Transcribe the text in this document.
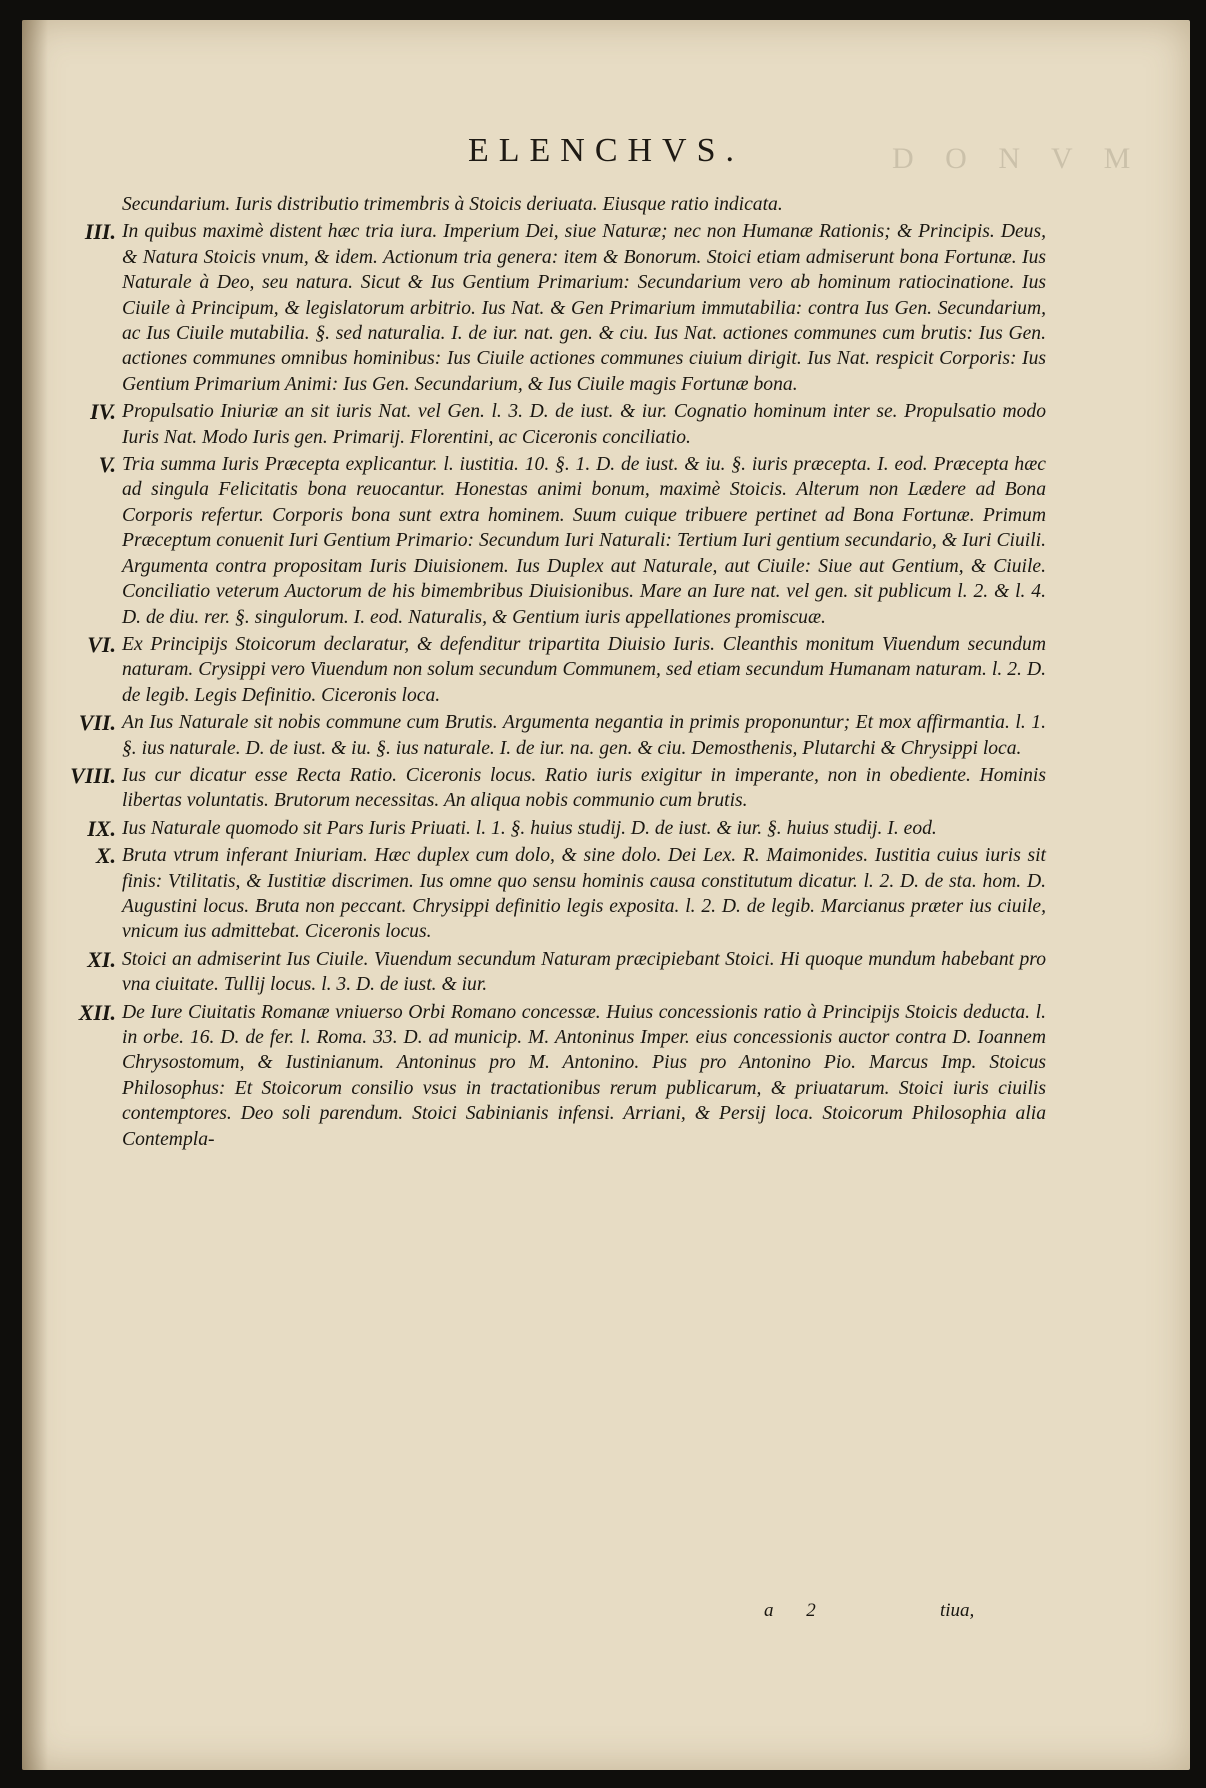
D O N V M
ELENCHVS.

Secundarium. Iuris distributio trimembris à Stoicis deriuata. Eiusque ratio indicata.

III. In quibus maximè distent hæc tria iura. Imperium Dei, siue Naturæ; nec non Humanæ Rationis; & Principis. Deus, & Natura Stoicis vnum, & idem. Actionum tria genera: item & Bonorum. Stoici etiam admiserunt bona Fortunæ. Ius Naturale à Deo, seu natura. Sicut & Ius Gentium Primarium: Secundarium vero ab hominum ratiocinatione. Ius Ciuile à Principum, & legislatorum arbitrio. Ius Nat. & Gen Primarium immutabilia: contra Ius Gen. Secundarium, ac Ius Ciuile mutabilia. §. sed naturalia. I. de iur. nat. gen. & ciu. Ius Nat. actiones communes cum brutis: Ius Gen. actiones communes omnibus hominibus: Ius Ciuile actiones communes ciuium dirigit. Ius Nat. respicit Corporis: Ius Gentium Primarium Animi: Ius Gen. Secundarium, & Ius Ciuile magis Fortunæ bona.

IV. Propulsatio Iniuriæ an sit iuris Nat. vel Gen. l. 3. D. de iust. & iur. Cognatio hominum inter se. Propulsatio modo Iuris Nat. Modo Iuris gen. Primarij. Florentini, ac Ciceronis conciliatio.

V. Tria summa Iuris Præcepta explicantur. l. iustitia. 10. §. 1. D. de iust. & iu. §. iuris præcepta. I. eod. Præcepta hæc ad singula Felicitatis bona reuocantur. Honestas animi bonum, maximè Stoicis. Alterum non Lædere ad Bona Corporis refertur. Corporis bona sunt extra hominem. Suum cuique tribuere pertinet ad Bona Fortunæ. Primum Præceptum conuenit Iuri Gentium Primario: Secundum Iuri Naturali: Tertium Iuri gentium secundario, & Iuri Ciuili. Argumenta contra propositam Iuris Diuisionem. Ius Duplex aut Naturale, aut Ciuile: Siue aut Gentium, & Ciuile. Conciliatio veterum Auctorum de his bimembribus Diuisionibus. Mare an Iure nat. vel gen. sit publicum l. 2. & l. 4. D. de diu. rer. §. singulorum. I. eod. Naturalis, & Gentium iuris appellationes promiscuæ.

VI. Ex Principijs Stoicorum declaratur, & defenditur tripartita Diuisio Iuris. Cleanthis monitum Viuendum secundum naturam. Crysippi vero Viuendum non solum secundum Communem, sed etiam secundum Humanam naturam. l. 2. D. de legib. Legis Definitio. Ciceronis loca.

VII. An Ius Naturale sit nobis commune cum Brutis. Argumenta negantia in primis proponuntur; Et mox affirmantia. l. 1. §. ius naturale. D. de iust. & iu. §. ius naturale. I. de iur. na. gen. & ciu. Demosthenis, Plutarchi & Chrysippi loca.

VIII. Ius cur dicatur esse Recta Ratio. Ciceronis locus. Ratio iuris exigitur in imperante, non in obediente. Hominis libertas voluntatis. Brutorum necessitas. An aliqua nobis communio cum brutis.

IX. Ius Naturale quomodo sit Pars Iuris Priuati. l. 1. §. huius studij. D. de iust. & iur. §. huius studij. I. eod.

X. Bruta vtrum inferant Iniuriam. Hæc duplex cum dolo, & sine dolo. Dei Lex. R. Maimonides. Iustitia cuius iuris sit finis: Vtilitatis, & Iustitiæ discrimen. Ius omne quo sensu hominis causa constitutum dicatur. l. 2. D. de sta. hom. D. Augustini locus. Bruta non peccant. Chrysippi definitio legis exposita. l. 2. D. de legib. Marcianus præter ius ciuile, vnicum ius admittebat. Ciceronis locus.

XI. Stoici an admiserint Ius Ciuile. Viuendum secundum Naturam præcipiebant Stoici. Hi quoque mundum habebant pro vna ciuitate. Tullij locus. l. 3. D. de iust. & iur.

XII. De Iure Ciuitatis Romanæ vniuerso Orbi Romano concessæ. Huius concessionis ratio à Principijs Stoicis deducta. l. in orbe. 16. D. de fer. l. Roma. 33. D. ad municip. M. Antoninus Imper. eius concessionis auctor contra D. Ioannem Chrysostomum, & Iustinianum. Antoninus pro M. Antonino. Pius pro Antonino Pio. Marcus Imp. Stoicus Philosophus: Et Stoicorum consilio vsus in tractationibus rerum publicarum, & priuatarum. Stoici iuris ciuilis contemptores. Deo soli parendum. Stoici Sabinianis infensi. Arriani, & Persij loca. Stoicorum Philosophia alia Contempla-

a 2	tiua,
